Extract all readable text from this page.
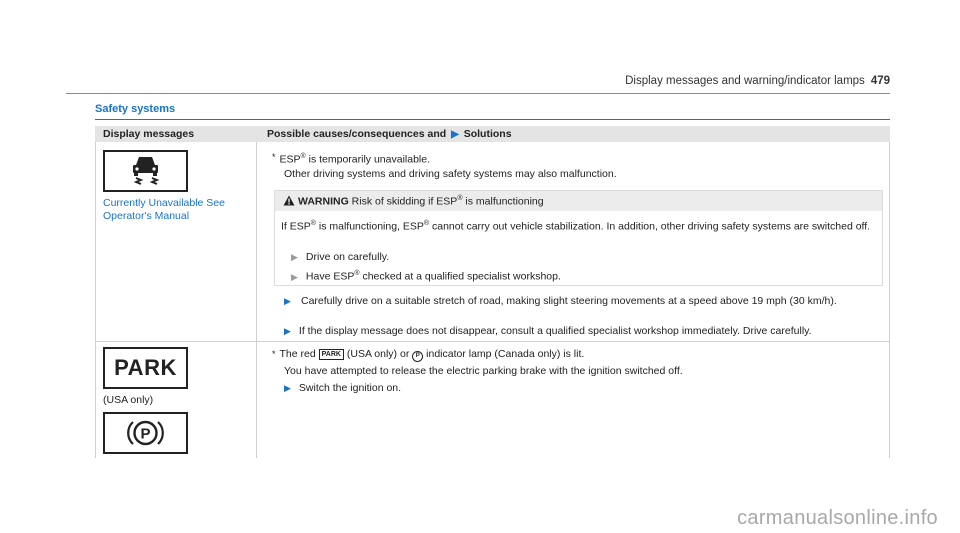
Display messages and warning/indicator lamps 479
Safety systems
Display messages	Possible causes/consequences and ▶ Solutions
Currently Unavailable See Operator's Manual
* ESP® is temporarily unavailable.
Other driving systems and driving safety systems may also malfunction.
WARNING Risk of skidding if ESP® is malfunctioning
If ESP® is malfunctioning, ESP® cannot carry out vehicle stabilization. In addition, other driving safety systems are switched off.
▶ Drive on carefully.
▶ Have ESP® checked at a qualified specialist workshop.
▶ Carefully drive on a suitable stretch of road, making slight steering movements at a speed above 19 mph (30 km/h).
▶ If the display message does not disappear, consult a qualified specialist workshop immediately. Drive carefully.
PARK
(USA only)
P
* The red PARK (USA only) or P indicator lamp (Canada only) is lit.
You have attempted to release the electric parking brake with the ignition switched off.
▶ Switch the ignition on.
carmanualsonline.info
